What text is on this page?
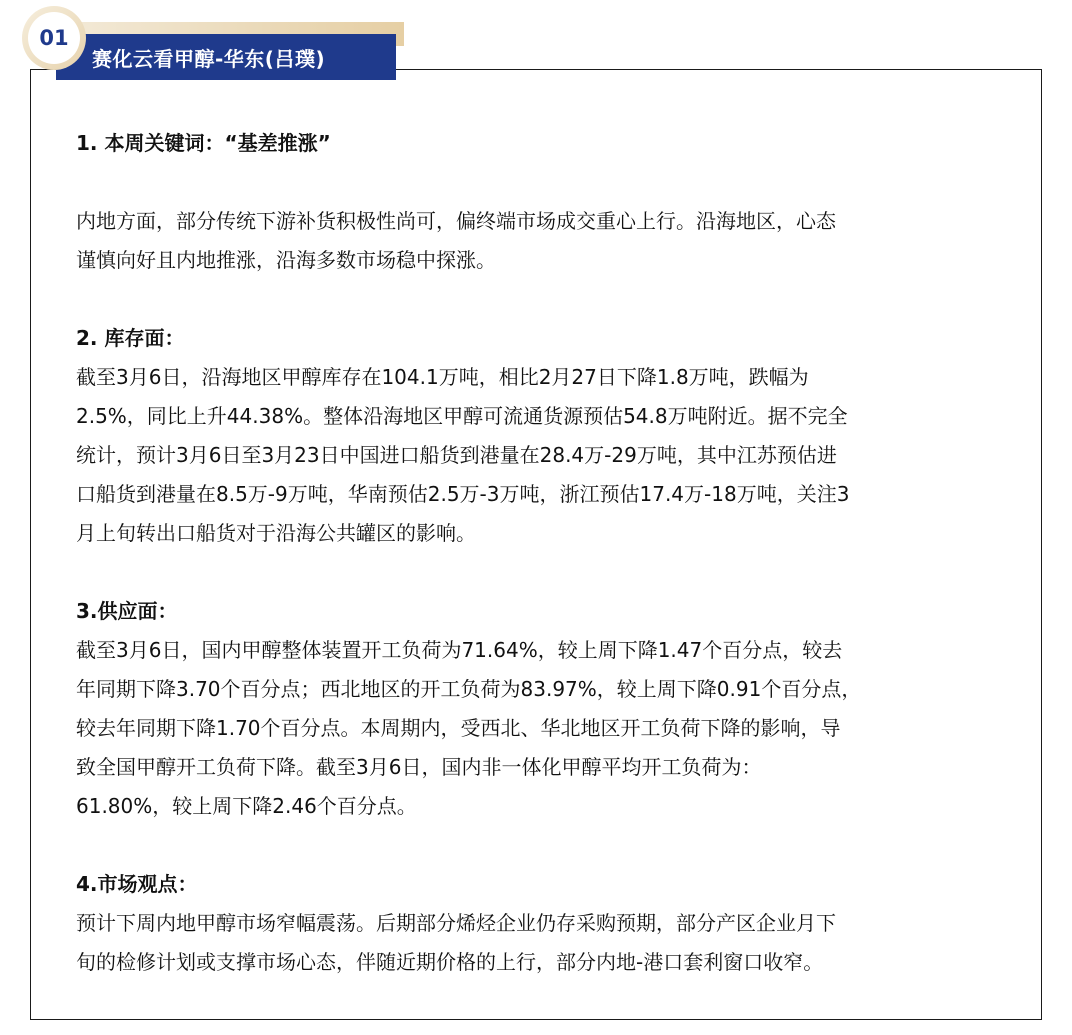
赛化云看甲醇-华东(吕璞)
01

1. 本周关键词：“基差推涨”

内地方面，部分传统下游补货积极性尚可，偏终端市场成交重心上行。沿海地区，心态

谨慎向好且内地推涨，沿海多数市场稳中探涨。

2. 库存面：

截至3月6日，沿海地区甲醇库存在104.1万吨，相比2月27日下降1.8万吨，跌幅为

2.5%，同比上升44.38%。整体沿海地区甲醇可流通货源预估54.8万吨附近。据不完全

统计，预计3月6日至3月23日中国进口船货到港量在28.4万-29万吨，其中江苏预估进

口船货到港量在8.5万-9万吨，华南预估2.5万-3万吨，浙江预估17.4万-18万吨，关注3

月上旬转出口船货对于沿海公共罐区的影响。

3.供应面：

截至3月6日，国内甲醇整体装置开工负荷为71.64%，较上周下降1.47个百分点，较去

年同期下降3.70个百分点；西北地区的开工负荷为83.97%，较上周下降0.91个百分点，

较去年同期下降1.70个百分点。本周期内，受西北、华北地区开工负荷下降的影响，导

致全国甲醇开工负荷下降。截至3月6日，国内非一体化甲醇平均开工负荷为：

61.80%，较上周下降2.46个百分点。

4.市场观点：

预计下周内地甲醇市场窄幅震荡。后期部分烯烃企业仍存采购预期，部分产区企业月下

旬的检修计划或支撑市场心态，伴随近期价格的上行，部分内地-港口套利窗口收窄。
